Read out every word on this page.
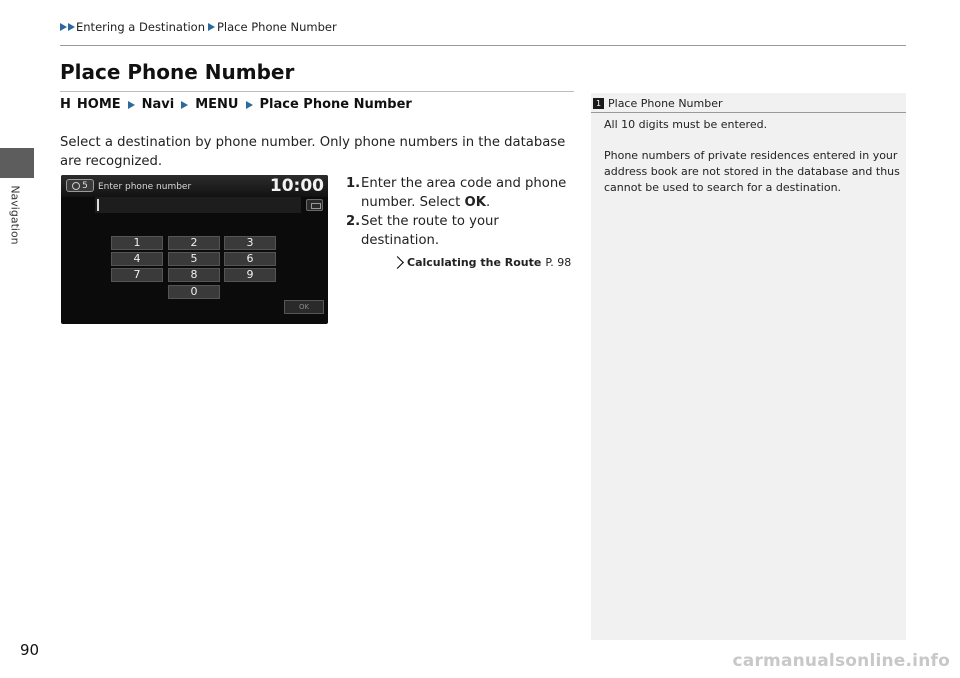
Navigation
Entering a Destination Place Phone Number
Place Phone Number
H HOME Navi MENU Place Phone Number
Select a destination by phone number. Only phone numbers in the database are recognized.
5 Enter phone number	10:00
1	2	3
4	5	6
7	8	9
0
OK
1. Enter the area code and phone number. Select OK.
2. Set the route to your destination.
Calculating the Route P. 98
1 Place Phone Number

All 10 digits must be entered.

Phone numbers of private residences entered in your address book are not stored in the database and thus cannot be used to search for a destination.

90
carmanualsonline.info
